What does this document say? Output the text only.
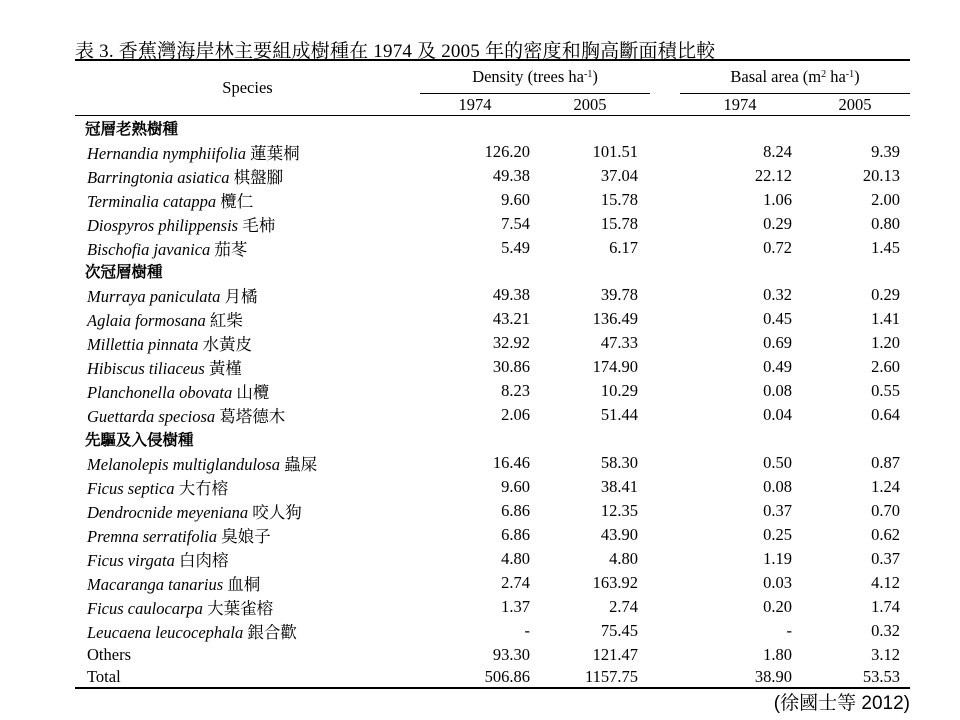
表 3. 香蕉灣海岸林主要組成樹種在 1974 及 2005 年的密度和胸高斷面積比較
Species	Density (trees $ha^{-1}$)			Basal area ($m^2$ $ha^{-1}$)	
	1974	2005		1974	2005
冠層老熟樹種					
Hernandia nymphiifolia 蓮葉桐	126.20	101.51		8.24	9.39
Barringtonia asiatica 棋盤腳	49.38	37.04		22.12	20.13
Terminalia catappa 欖仁	9.60	15.78		1.06	2.00
Diospyros philippensis 毛柿	7.54	15.78		0.29	0.80
Bischofia javanica 茄苳	5.49	6.17		0.72	1.45
次冠層樹種					
Murraya paniculata 月橘	49.38	39.78		0.32	0.29
Aglaia formosana 紅柴	43.21	136.49		0.45	1.41
Millettia pinnata 水黃皮	32.92	47.33		0.69	1.20
Hibiscus tiliaceus 黃槿	30.86	174.90		0.49	2.60
Planchonella obovata 山欖	8.23	10.29		0.08	0.55
Guettarda speciosa 葛塔德木	2.06	51.44		0.04	0.64
先驅及入侵樹種					
Melanolepis multiglandulosa 蟲屎	16.46	58.30		0.50	0.87
Ficus septica 大冇榕	9.60	38.41		0.08	1.24
Dendrocnide meyeniana 咬人狗	6.86	12.35		0.37	0.70
Premna serratifolia 臭娘子	6.86	43.90		0.25	0.62
Ficus virgata 白肉榕	4.80	4.80		1.19	0.37
Macaranga tanarius 血桐	2.74	163.92		0.03	4.12
Ficus caulocarpa 大葉雀榕	1.37	2.74		0.20	1.74
Leucaena leucocephala 銀合歡	-	75.45		-	0.32
Others	93.30	121.47		1.80	3.12
Total	506.86	1157.75		38.90	53.53
(徐國士等 2012)
